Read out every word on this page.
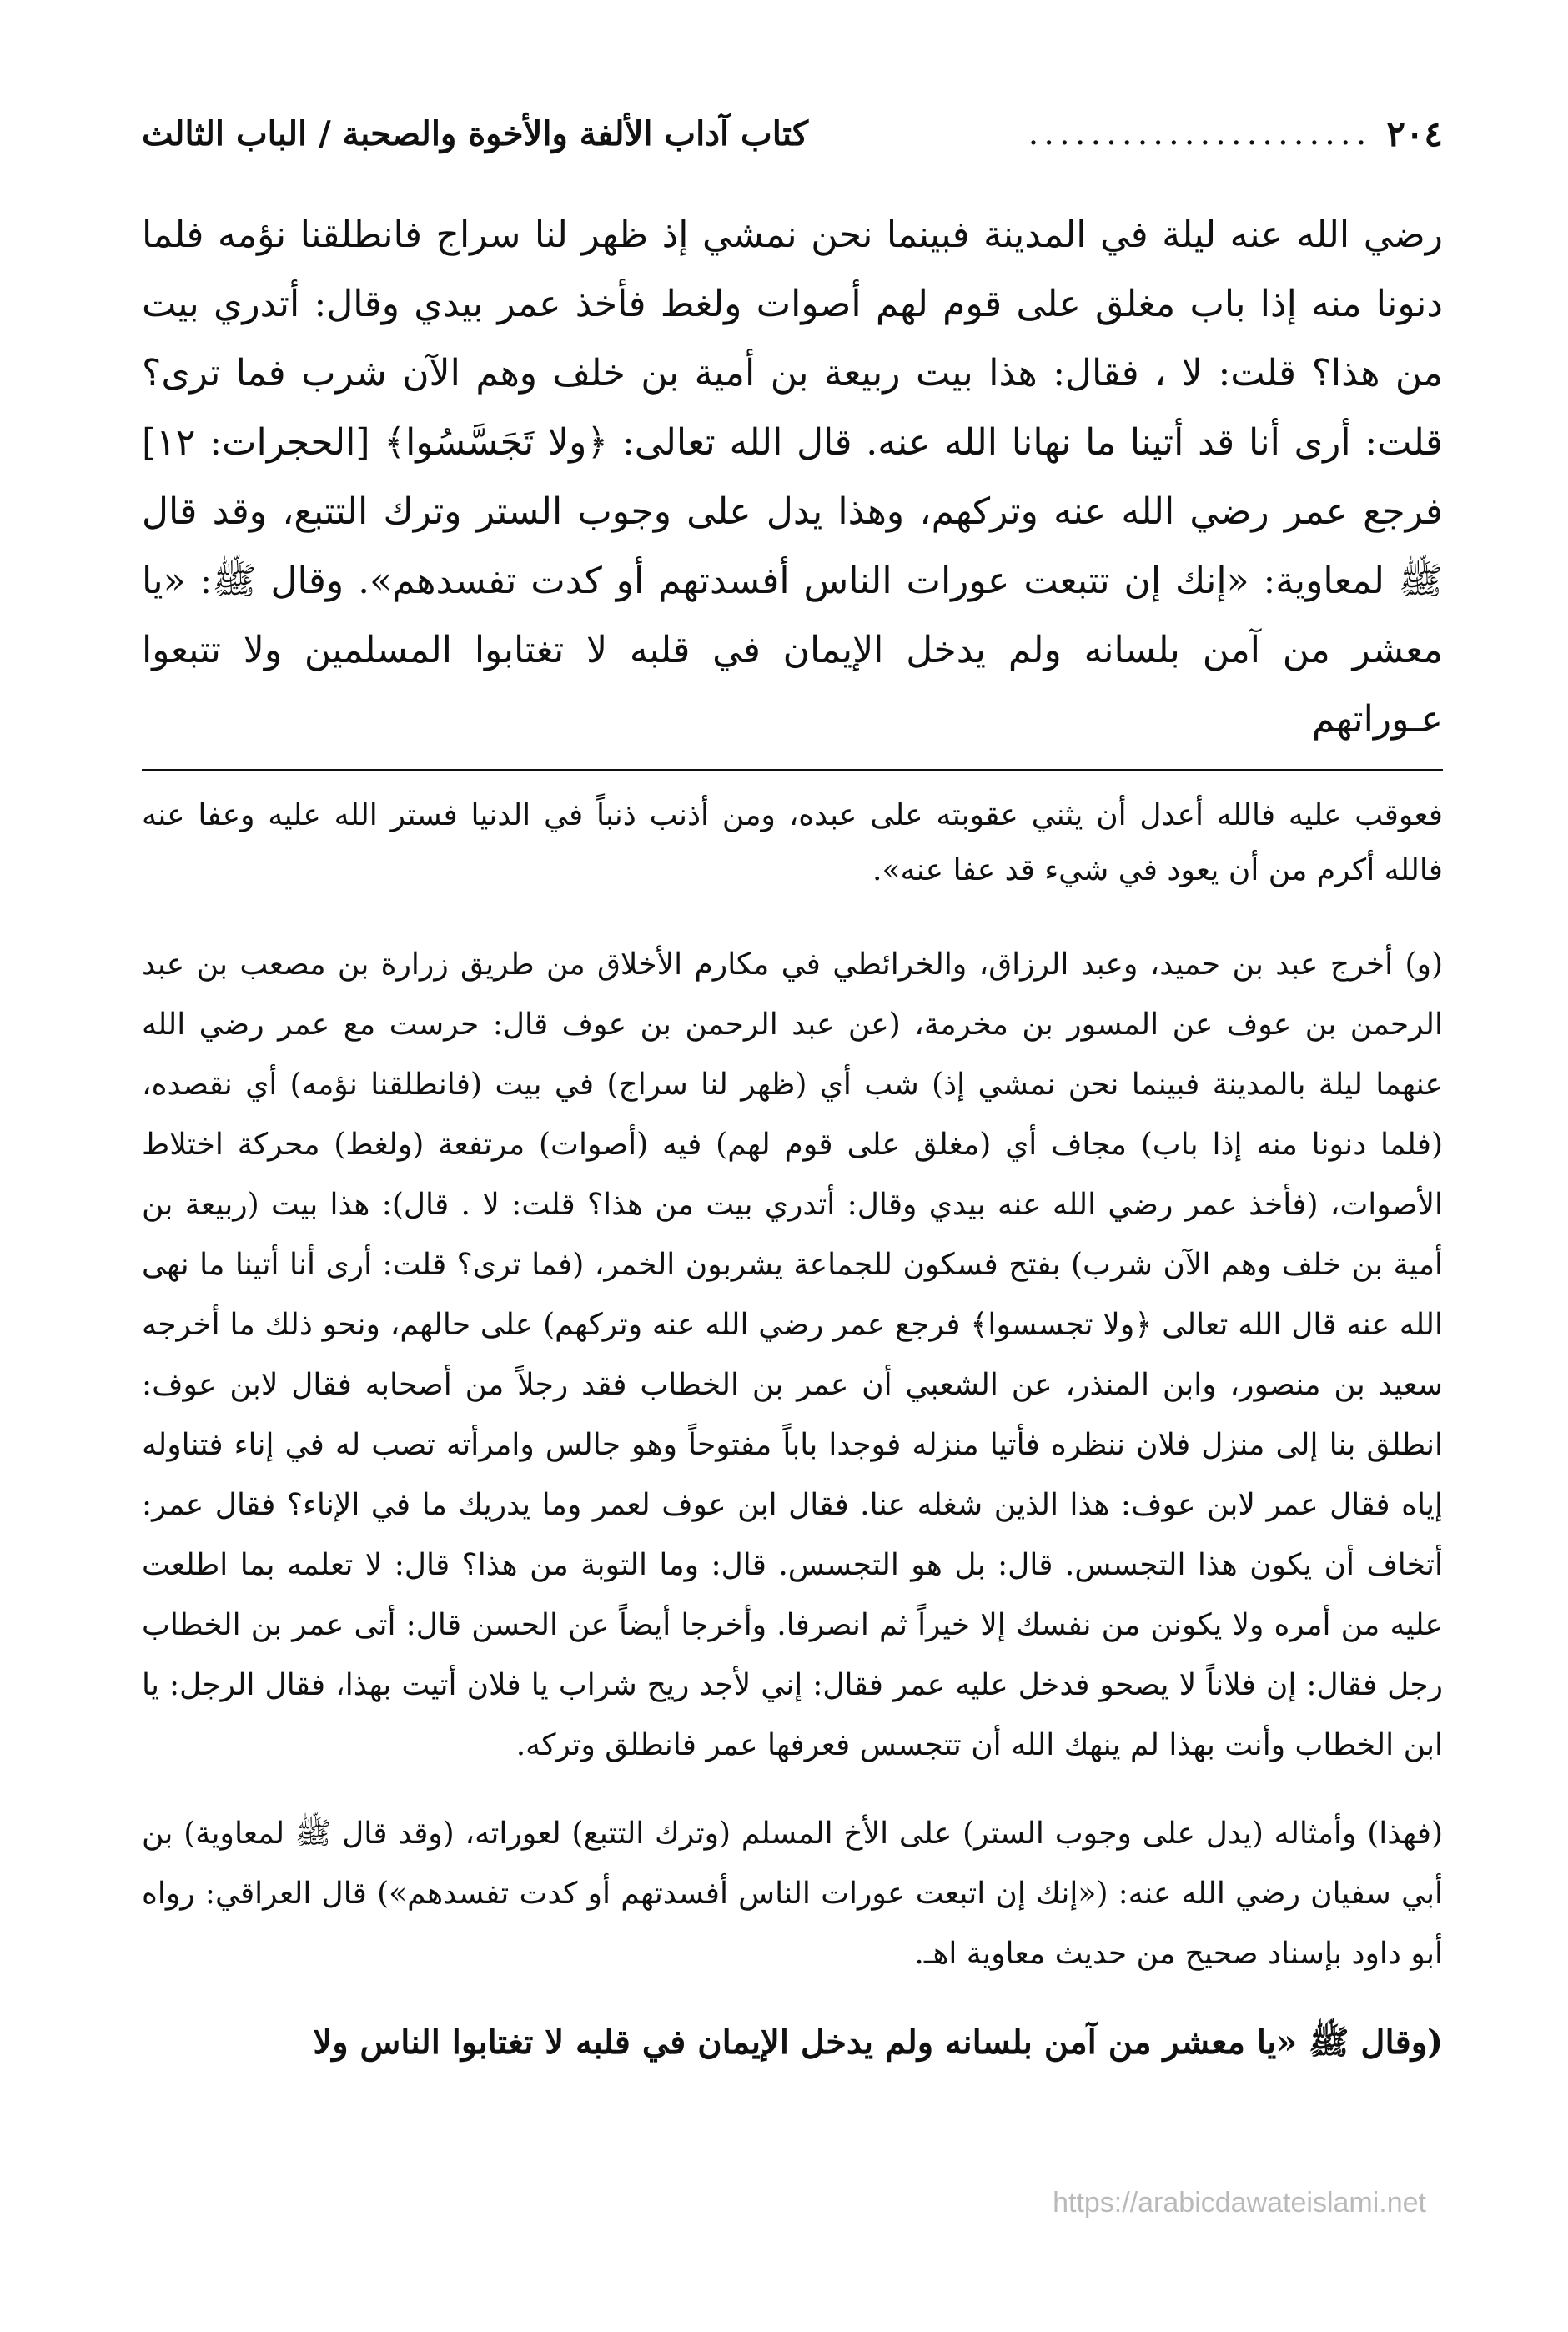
٢٠٤
......................
كتاب آداب الألفة والأخوة والصحبة / الباب الثالث
رضي الله عنه ليلة في المدينة فبينما نحن نمشي إذ ظهر لنا سراج فانطلقنا نؤمه فلما دنونا منه إذا باب مغلق على قوم لهم أصوات ولغط فأخذ عمر بيدي وقال: أتدري بيت من هذا؟ قلت: لا ، فقال: هذا بيت ربيعة بن أمية بن خلف وهم الآن شرب فما ترى؟ قلت: أرى أنا قد أتينا ما نهانا الله عنه. قال الله تعالى: ﴿ولا تَجَسَّسُوا﴾ [الحجرات: ١٢] فرجع عمر رضي الله عنه وتركهم، وهذا يدل على وجوب الستر وترك التتبع، وقد قال ﷺ لمعاوية: «إنك إن تتبعت عورات الناس أفسدتهم أو كدت تفسدهم». وقال ﷺ: «يا معشر من آمن بلسانه ولم يدخل الإيمان في قلبه لا تغتابوا المسلمين ولا تتبعوا عـوراتهم
فعوقب عليه فالله أعدل أن يثني عقوبته على عبده، ومن أذنب ذنباً في الدنيا فستر الله عليه وعفا عنه فالله أكرم من أن يعود في شيء قد عفا عنه».
(و) أخرج عبد بن حميد، وعبد الرزاق، والخرائطي في مكارم الأخلاق من طريق زرارة بن مصعب بن عبد الرحمن بن عوف عن المسور بن مخرمة، (عن عبد الرحمن بن عوف قال: حرست مع عمر رضي الله عنهما ليلة بالمدينة فبينما نحن نمشي إذ) شب أي (ظهر لنا سراج) في بيت (فانطلقنا نؤمه) أي نقصده، (فلما دنونا منه إذا باب) مجاف أي (مغلق على قوم لهم) فيه (أصوات) مرتفعة (ولغط) محركة اختلاط الأصوات، (فأخذ عمر رضي الله عنه بيدي وقال: أتدري بيت من هذا؟ قلت: لا . قال): هذا بيت (ربيعة بن أمية بن خلف وهم الآن شرب) بفتح فسكون للجماعة يشربون الخمر، (فما ترى؟ قلت: أرى أنا أتينا ما نهى الله عنه قال الله تعالى ﴿ولا تجسسوا﴾ فرجع عمر رضي الله عنه وتركهم) على حالهم، ونحو ذلك ما أخرجه سعيد بن منصور، وابن المنذر، عن الشعبي أن عمر بن الخطاب فقد رجلاً من أصحابه فقال لابن عوف: انطلق بنا إلى منزل فلان ننظره فأتيا منزله فوجدا باباً مفتوحاً وهو جالس وامرأته تصب له في إناء فتناوله إياه فقال عمر لابن عوف: هذا الذين شغله عنا. فقال ابن عوف لعمر وما يدريك ما في الإناء؟ فقال عمر: أتخاف أن يكون هذا التجسس. قال: بل هو التجسس. قال: وما التوبة من هذا؟ قال: لا تعلمه بما اطلعت عليه من أمره ولا يكونن من نفسك إلا خيراً ثم انصرفا. وأخرجا أيضاً عن الحسن قال: أتى عمر بن الخطاب رجل فقال: إن فلاناً لا يصحو فدخل عليه عمر فقال: إني لأجد ريح شراب يا فلان أتيت بهذا، فقال الرجل: يا ابن الخطاب وأنت بهذا لم ينهك الله أن تتجسس فعرفها عمر فانطلق وتركه.
(فهذا) وأمثاله (يدل على وجوب الستر) على الأخ المسلم (وترك التتبع) لعوراته، (وقد قال ﷺ لمعاوية) بن أبي سفيان رضي الله عنه: («إنك إن اتبعت عورات الناس أفسدتهم أو كدت تفسدهم») قال العراقي: رواه أبو داود بإسناد صحيح من حديث معاوية اهـ.
(وقال ﷺ «يا معشر من آمن بلسانه ولم يدخل الإيمان في قلبه لا تغتابوا الناس ولا
https://arabicdawateislami.net
